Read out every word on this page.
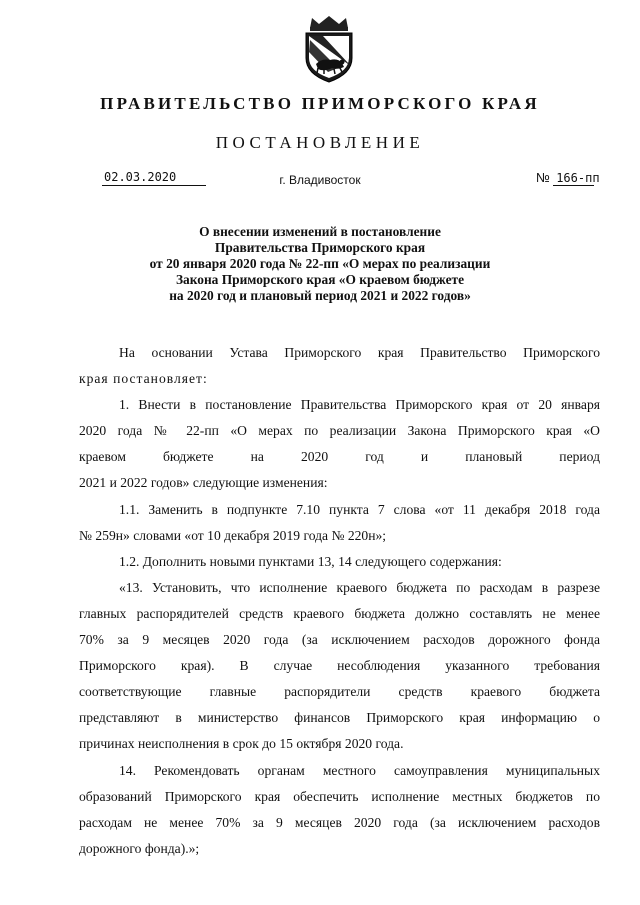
ПРАВИТЕЛЬСТВО ПРИМОРСКОГО КРАЯ
ПОСТАНОВЛЕНИЕ
02.03.2020	г. Владивосток	№ 166-пп
О внесении изменений в постановление
Правительства Приморского края
от 20 января 2020 года № 22-пп «О мерах по реализации
Закона Приморского края «О краевом бюджете
на 2020 год и плановый период 2021 и 2022 годов»

На основании Устава Приморского края Правительство Приморского

края постановляет:

1. Внести в постановление Правительства Приморского края от 20 января

2020 года № 22-пп «О мерах по реализации Закона Приморского края «О

краевом бюджете на 2020 год и плановый период

2021 и 2022 годов» следующие изменения:

1.1. Заменить в подпункте 7.10 пункта 7 слова «от 11 декабря 2018 года

№ 259н» словами «от 10 декабря 2019 года № 220н»;

1.2. Дополнить новыми пунктами 13, 14 следующего содержания:

«13. Установить, что исполнение краевого бюджета по расходам в разрезе

главных распорядителей средств краевого бюджета должно составлять не менее

70% за 9 месяцев 2020 года (за исключением расходов дорожного фонда

Приморского края). В случае несоблюдения указанного требования

соответствующие главные распорядители средств краевого бюджета

представляют в министерство финансов Приморского края информацию о

причинах неисполнения в срок до 15 октября 2020 года.

14. Рекомендовать органам местного самоуправления муниципальных

образований Приморского края обеспечить исполнение местных бюджетов по

расходам не менее 70% за 9 месяцев 2020 года (за исключением расходов

дорожного фонда).»;
